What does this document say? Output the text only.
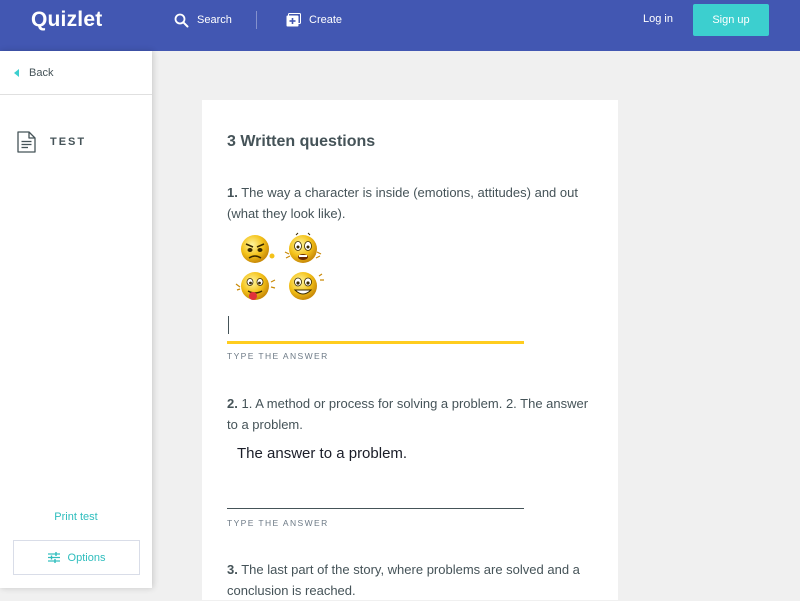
Quizlet	Search	Create	Log in	Sign up
Back
TEST
Print test
Options
3 Written questions
1. The way a character is inside (emotions, attitudes) and out (what they look like).
TYPE THE ANSWER
2. 1. A method or process for solving a problem. 2. The answer to a problem.
The answer to a problem.
TYPE THE ANSWER
3. The last part of the story, where problems are solved and a conclusion is reached.
